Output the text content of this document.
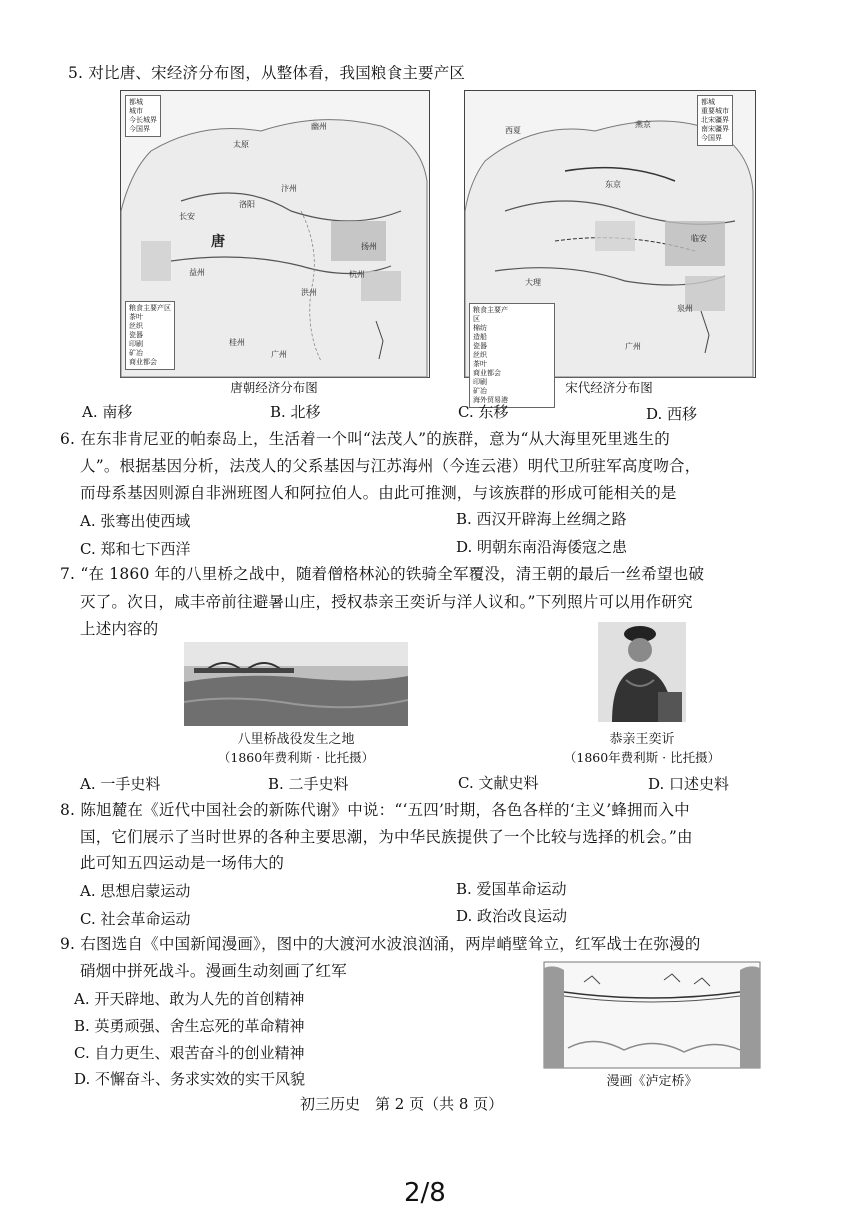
5. 对比唐、宋经济分布图，从整体看，我国粮食主要产区
都城
城市
今长城界
今国界
粮食主要产区
茶叶
丝织
瓷器
印刷
矿冶
商业都会
唐
太原
长安
幽州
洛阳
扬州
杭州
洪州
益州
广州
桂州
汴州
唐朝经济分布图
都城
重要城市
北宋疆界
南宋疆界
今国界
粮食主要产区 棉纺 造船 瓷器 丝织 茶叶 商业都会 印刷 矿冶 海外贸易港
西夏
东京
临安
泉州
广州
大理
燕京
宋代经济分布图
A. 南移	B. 北移	C. 东移	D. 西移
6. 在东非肯尼亚的帕泰岛上，生活着一个叫“法茂人”的族群，意为“从大海里死里逃生的
人”。根据基因分析，法茂人的父系基因与江苏海州（今连云港）明代卫所驻军高度吻合，
而母系基因则源自非洲班图人和阿拉伯人。由此可推测，与该族群的形成可能相关的是
A. 张骞出使西域	B. 西汉开辟海上丝绸之路
C. 郑和七下西洋	D. 明朝东南沿海倭寇之患
7. “在 1860 年的八里桥之战中，随着僧格林沁的铁骑全军覆没，清王朝的最后一丝希望也破
灭了。次日，咸丰帝前往避暑山庄，授权恭亲王奕䜣与洋人议和。”下列照片可以用作研究
上述内容的
八里桥战役发生之地
（1860年费利斯 · 比托摄）
恭亲王奕䜣
（1860年费利斯 · 比托摄）
A. 一手史料	B. 二手史料	C. 文献史料	D. 口述史料
8. 陈旭麓在《近代中国社会的新陈代谢》中说：“‘五四’时期，各色各样的‘主义’蜂拥而入中
国，它们展示了当时世界的各种主要思潮，为中华民族提供了一个比较与选择的机会。”由
此可知五四运动是一场伟大的
A. 思想启蒙运动	B. 爱国革命运动
C. 社会革命运动	D. 政治改良运动
9. 右图选自《中国新闻漫画》，图中的大渡河水波浪汹涌，两岸峭壁耸立，红军战士在弥漫的
硝烟中拼死战斗。漫画生动刻画了红军
A. 开天辟地、敢为人先的首创精神
B. 英勇顽强、舍生忘死的革命精神
C. 自力更生、艰苦奋斗的创业精神
D. 不懈奋斗、务求实效的实干风貌	漫画《泸定桥》
初三历史　第 2 页（共 8 页）
2/8
